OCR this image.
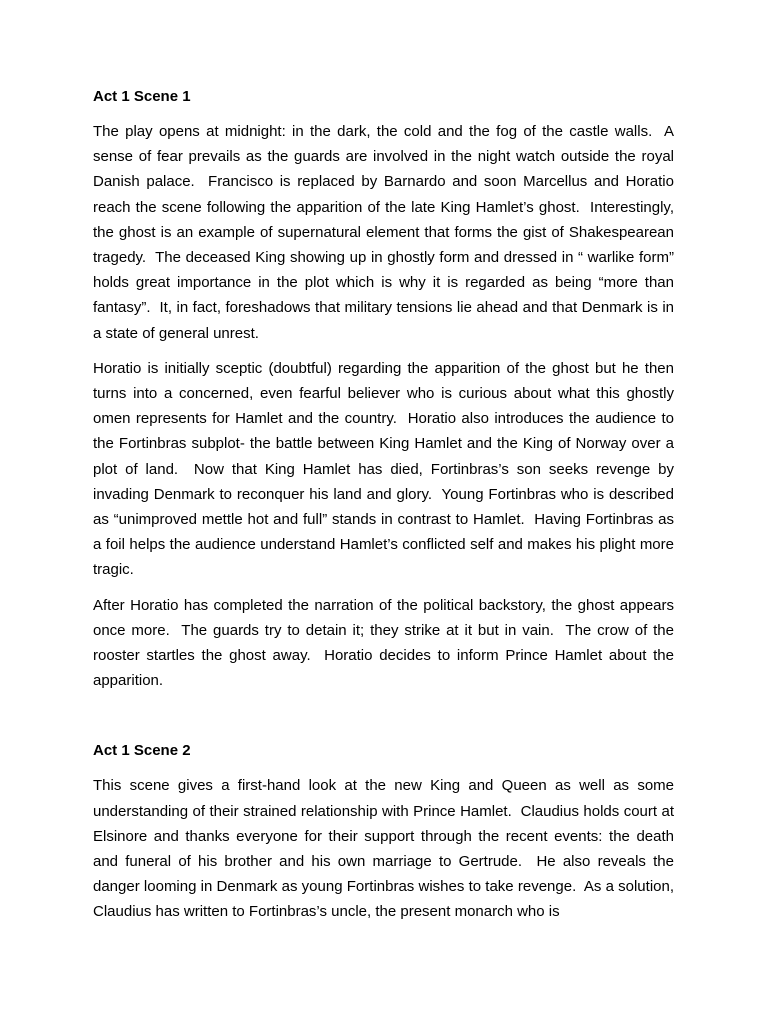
Act 1 Scene 1

The play opens at midnight: in the dark, the cold and the fog of the castle walls.  A sense of fear prevails as the guards are involved in the night watch outside the royal Danish palace.  Francisco is replaced by Barnardo and soon Marcellus and Horatio reach the scene following the apparition of the late King Hamlet’s ghost.  Interestingly, the ghost is an example of supernatural element that forms the gist of Shakespearean tragedy.  The deceased King showing up in ghostly form and dressed in “ warlike form” holds great importance in the plot which is why it is regarded as being “more than fantasy”.  It, in fact, foreshadows that military tensions lie ahead and that Denmark is in a state of general unrest.

Horatio is initially sceptic (doubtful) regarding the apparition of the ghost but he then turns into a concerned, even fearful believer who is curious about what this ghostly omen represents for Hamlet and the country.  Horatio also introduces the audience to the Fortinbras subplot- the battle between King Hamlet and the King of Norway over a plot of land.  Now that King Hamlet has died, Fortinbras’s son seeks revenge by invading Denmark to reconquer his land and glory.  Young Fortinbras who is described as “unimproved mettle hot and full” stands in contrast to Hamlet.  Having Fortinbras as a foil helps the audience understand Hamlet’s conflicted self and makes his plight more tragic.

After Horatio has completed the narration of the political backstory, the ghost appears once more.  The guards try to detain it; they strike at it but in vain.  The crow of the rooster startles the ghost away.  Horatio decides to inform Prince Hamlet about the apparition.

Act 1 Scene 2

This scene gives a first-hand look at the new King and Queen as well as some understanding of their strained relationship with Prince Hamlet.  Claudius holds court at Elsinore and thanks everyone for their support through the recent events: the death and funeral of his brother and his own marriage to Gertrude.  He also reveals the danger looming in Denmark as young Fortinbras wishes to take revenge.  As a solution, Claudius has written to Fortinbras’s uncle, the present monarch who is
